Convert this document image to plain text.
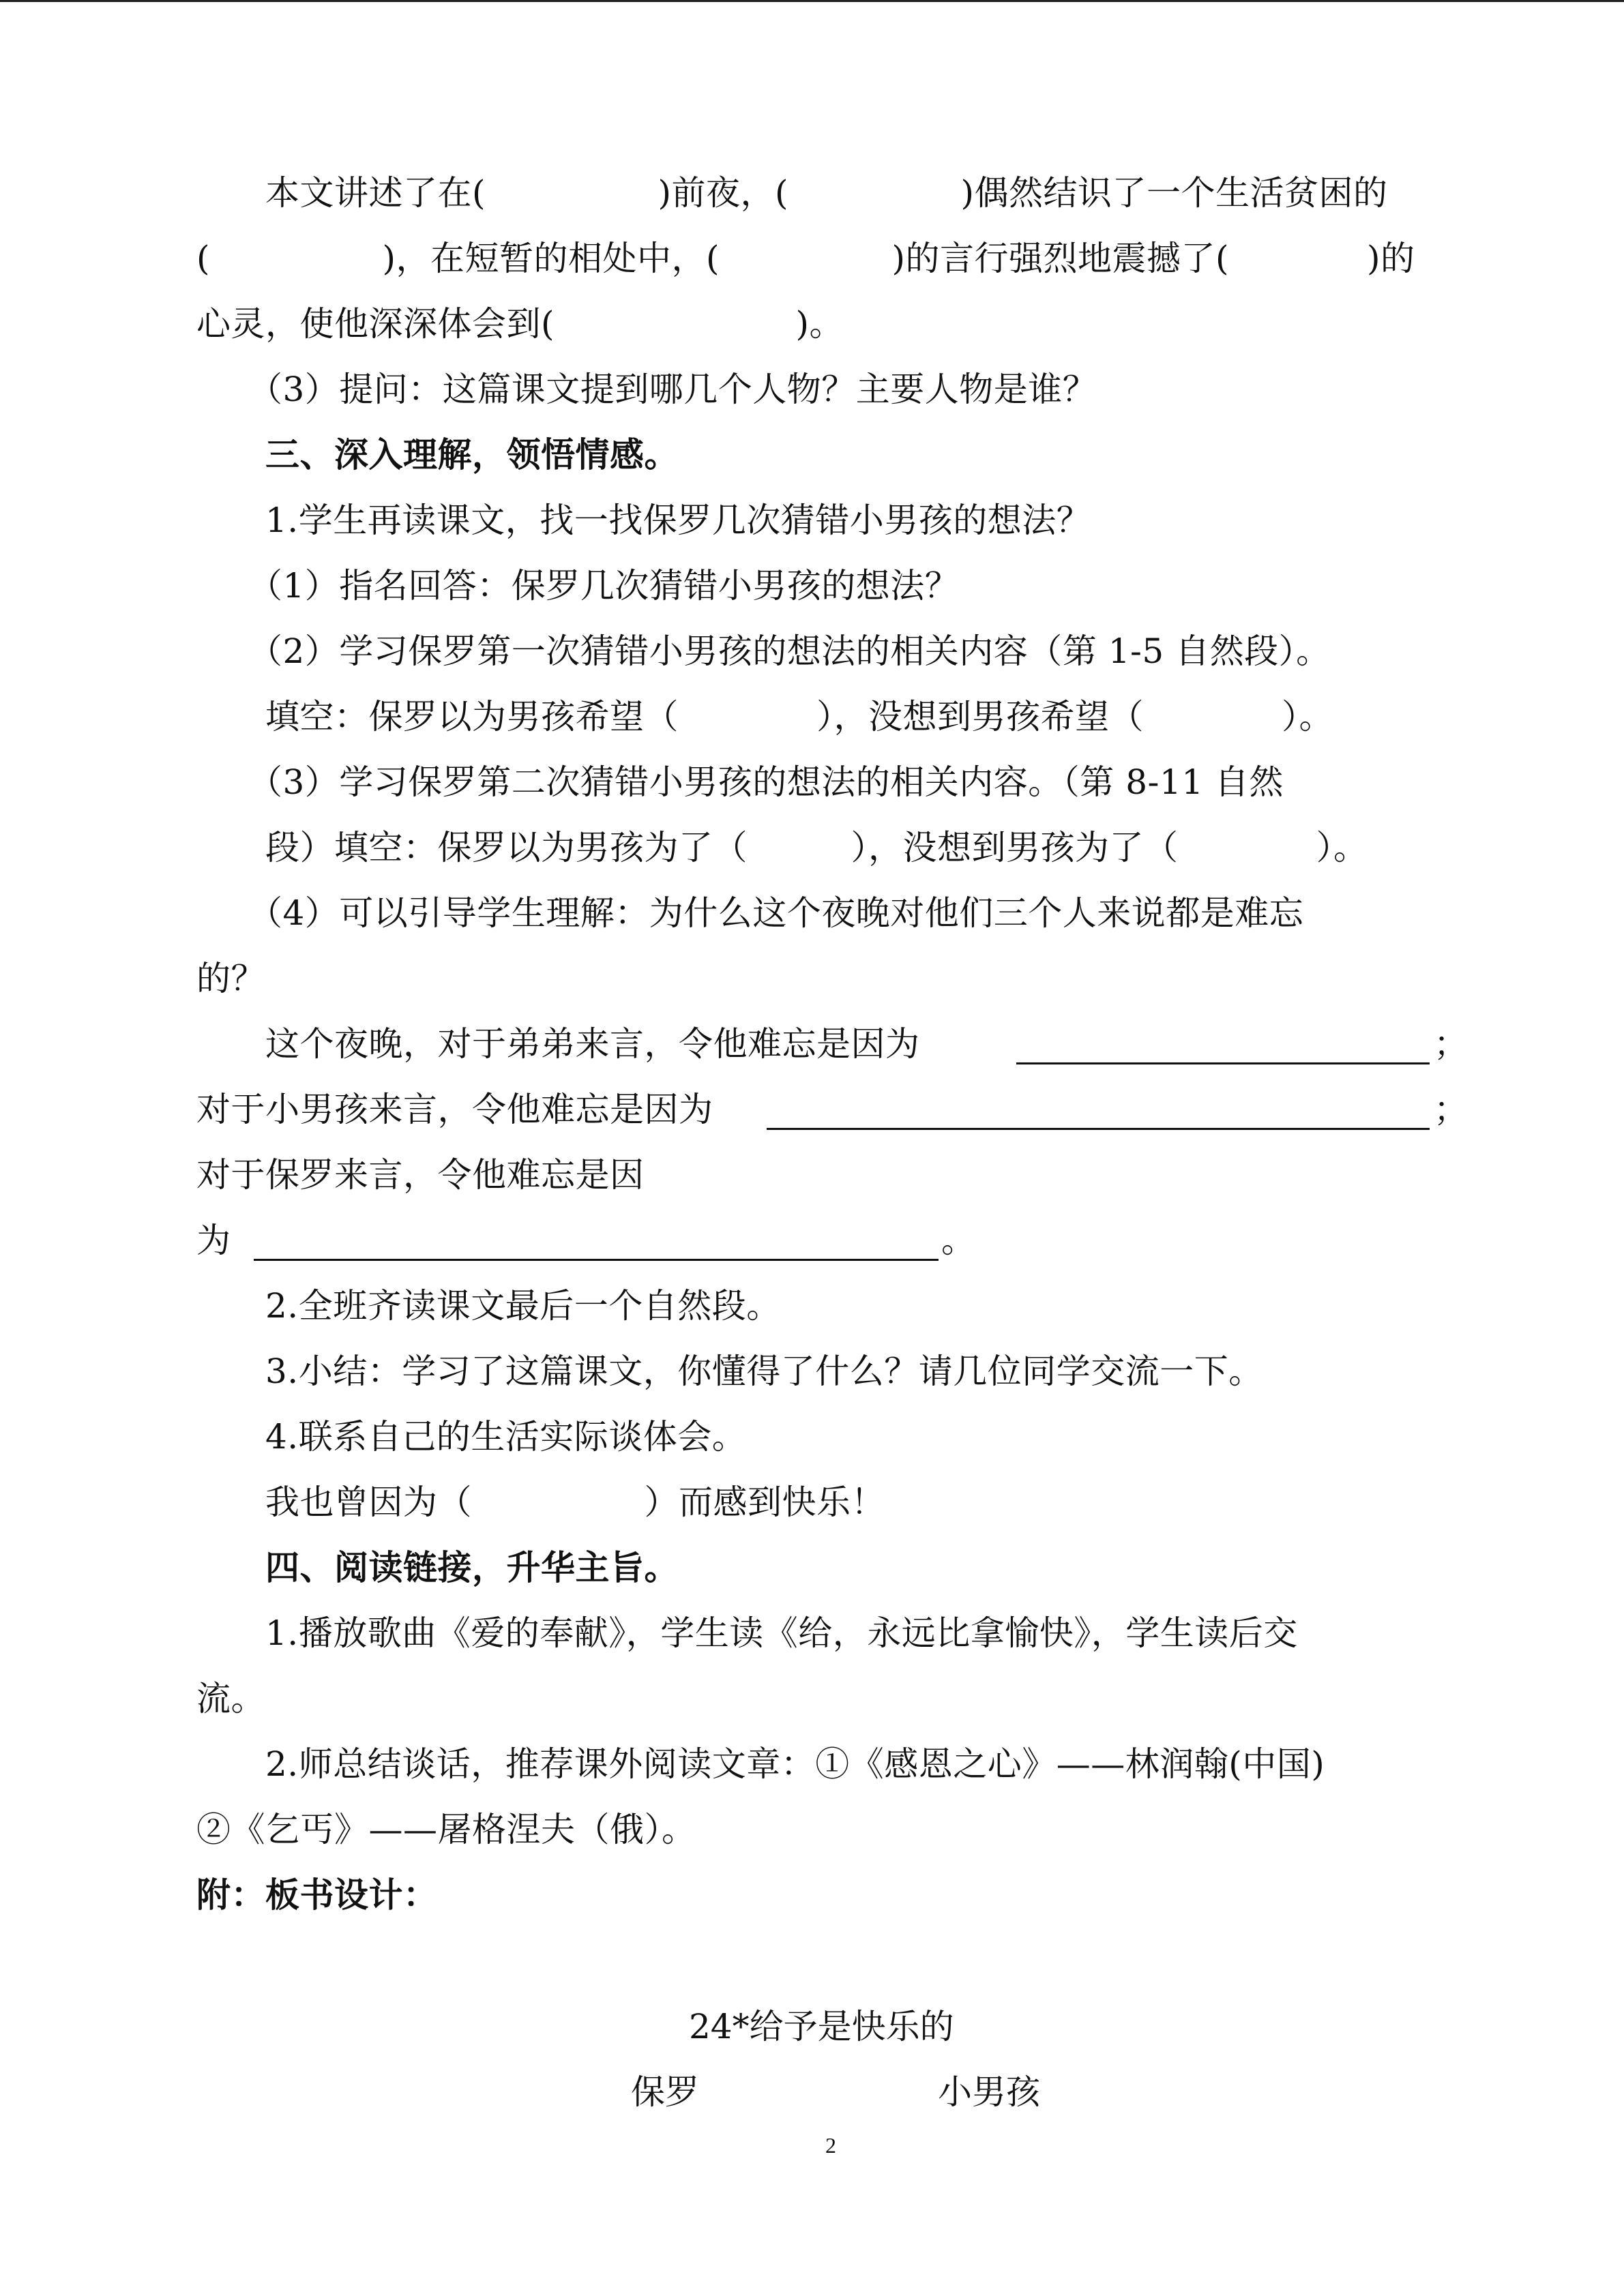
　　本文讲述了在(　　　　　)前夜，(　　　　　)偶然结识了一个生活贫困的
(　　　　　)，在短暂的相处中，(　　　　　)的言行强烈地震撼了(　　　　)的
心灵，使他深深体会到(　　　　　　　)。
　　（3）提问：这篇课文提到哪几个人物？主要人物是谁？
　　三、深入理解，领悟情感。
　　1.学生再读课文，找一找保罗几次猜错小男孩的想法？
　　（1）指名回答：保罗几次猜错小男孩的想法？
　　（2）学习保罗第一次猜错小男孩的想法的相关内容（第 1-5 自然段）。
　　填空：保罗以为男孩希望（　　　　），没想到男孩希望（　　　　）。
　　（3）学习保罗第二次猜错小男孩的想法的相关内容。（第 8-11 自然
　　段）填空：保罗以为男孩为了（　　　），没想到男孩为了（　　　　）。
　　（4）可以引导学生理解：为什么这个夜晚对他们三个人来说都是难忘
的？
　　这个夜晚，对于弟弟来言，令他难忘是因为	；
对于小男孩来言，令他难忘是因为	；
对于保罗来言，令他难忘是因
为	。
　　2.全班齐读课文最后一个自然段。
　　3.小结：学习了这篇课文，你懂得了什么？请几位同学交流一下。
　　4.联系自己的生活实际谈体会。
　　我也曾因为（　　　　　）而感到快乐！
　　四、阅读链接，升华主旨。
　　1.播放歌曲《爱的奉献》，学生读《给，永远比拿愉快》，学生读后交
流。
　　2.师总结谈话，推荐课外阅读文章：①《感恩之心》——林润翰(中国)
②《乞丐》——屠格涅夫（俄）。
附：板书设计：
24*给予是快乐的
保罗	小男孩
2
